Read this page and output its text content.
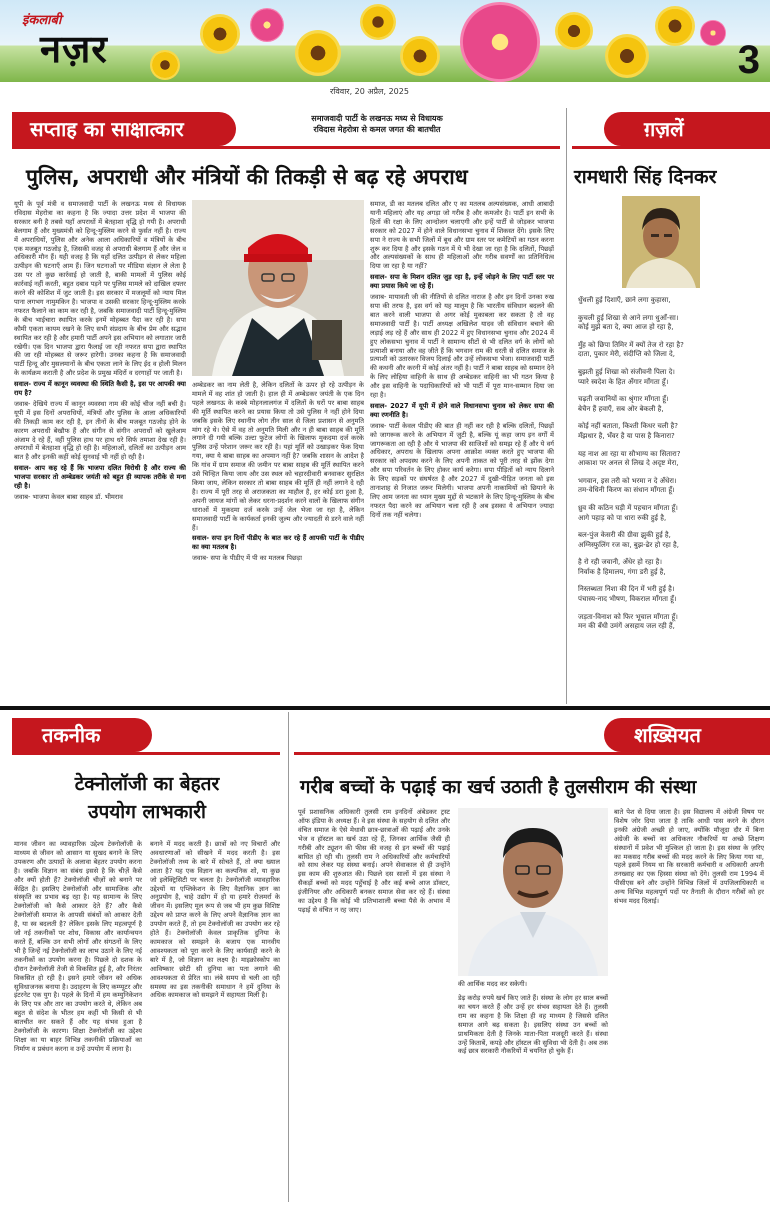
इंकलाबी
नज़र	3
रविवार, 20 अप्रैल, 2025
सप्ताह का साक्षात्कार	समाजवादी पार्टी के लखनऊ मध्य से विधायक
रविदास मेहरोत्रा से कमल जगत की बातचीत
पुलिस, अपराधी और मंत्रियों की तिकड़ी से बढ़ रहे अपराध

यूपी के पूर्व मंत्री व समाजवादी पार्टी के लखनऊ मध्य से विधायक रविदास मेहरोत्रा का कहना है कि ज्यादा उत्तर प्रदेश में भाजपा की सरकार बनी है तबसे यहाँ अपराधों में बेतहाशा वृद्धि हो गयी है। अपराधी बेलगाम हैं और मुख्यमंत्री को हिन्दू-मुस्लिम करने से फुर्सत नहीं है। राज्य में अपराधियों, पुलिस और अनेक आला अधिकारियों व मंत्रियों के बीच एक मजबूत गठजोड़ है, जिसकी वजह से अपराधी बेलगाम हैं और जेल व अधिकारी मौन हैं। यही वजह है कि यहाँ दलित उत्पीड़न से लेकर महिला उत्पीड़न की घटनाएँ आम हैं। जिन घटनाओं पर मीडिया संज्ञान ले लेता है उस पर तो कुछ कार्रवाई हो जाती है, बाकी मामलों में पुलिस कोई कार्रवाई नहीं करती, बहुत दबाव पड़ने पर पुलिस मामले को दाखिल दफ्तर करने की कोशिश में जुट जाती है। इस सरकार में मजलूमों को न्याय मिल पाना लगभग नामुमकिन है। भाजपा व उसकी सरकार हिन्दू-मुस्लिम करके नफरत फैलाने का काम कर रही है, जबकि समाजवादी पार्टी हिन्दू-मुस्लिम के बीच भाईचारा स्थापित करके इनमें मोहब्बत पैदा कर रही है। सपा कौमी एकता कायम रखने के लिए सभी संप्रदाय के बीच प्रेम और सद्भाव स्थापित कर रही है और हमारी पार्टी अपने इस अभियान को लगातार जारी रखेगी। एक दिन भाजपा द्वारा फैलाई जा रही नफरत सपा द्वारा स्थापित की जा रही मोहब्बत से जरूर हारेगी। उनका कहना है कि समाजवादी पार्टी हिन्दू और मुसलमानों के बीच एकता लाने के लिए ईद व होली मिलन के कार्यक्रम कराती है और प्रदेश के प्रमुख मंदिरों व दरगाहों पर जाती है।

सवाल- राज्य में कानून व्यवस्था की स्थिति कैसी है, इस पर आपकी क्या राय है?

जवाब- देखिये राज्य में कानून व्यवस्था नाम की कोई चीज नहीं बची है। यूपी में इस दिनों अपराधियों, मंत्रियों और पुलिस के आला अधिकारियों की तिकड़ी काम कर रही है, इन तीनों के बीच मजबूत गठजोड़ होने के कारण अपराधी बेखौफ हैं और संगीन से संगीन अपराधों को खुलेआम अंजाम दे रहे हैं, वहीं पुलिस हाथ पर हाथ धरे सिर्फ तमाशा देख रही है। अपराधों में बेतहाशा वृद्धि हो रही है। महिलाओं, दलितों का उत्पीड़न आम बात है और इनकी कहीं कोई सुनवाई भी नहीं हो रही है।

सवाल- आप कह रहे हैं कि भाजपा दलित विरोधी है और राज्य की भाजपा सरकार तो अम्बेडकर जयंती को बहुत ही व्यापक तरीके से मना रही है।

जवाब- भाजपा केवल बाबा साहब डॉ. भीमराव

अम्बेडकर का नाम लेती है, लेकिन दलितों के ऊपर हो रहे उत्पीड़न के मामले में वह शांत हो जाती है। हाल ही में अम्बेडकर जयंती के एक दिन पहले लखनऊ के कस्बे मोहनलालगंज में दलितों के घरों पर बाबा साहब की मूर्ति स्थापित करने का प्रयास किया तो उसे पुलिस ने नहीं होने दिया जबकि इसके लिए स्थानीय लोग तीन साल से जिला प्रशासन से अनुमति मांग रहे थे। ऐसे में वह तो अनुमति मिली और न ही बाबा साहब की मूर्ति लगाने दी गयी बल्कि उल्टा फुटेज लोगों के खिलाफ मुकदमा दर्ज करके पुलिस उन्हें परेशान जरूर कर रही है। यहां मूर्ति को उखाड़कर फेंक दिया गया, क्या ये बाबा साहब का अपमान नहीं है? जबकि शासन के आदेश है कि गांव में ग्राम समाज की जमीन पर बाबा साहब की मूर्ति स्थापित करने उसे चिन्हित किया जाय और उस स्थल को चहारदीवारी बनवाकर सुरक्षित किया जाय, लेकिन सरकार तो बाबा साहब की मूर्ति ही नहीं लगाने दे रही है। राज्य में पूरी तरह से अराजकता का माहौल है, हर कोई डरा हुआ है, अपनी जायज मांगों को लेकर धरना-प्रदर्शन करने वालों के खिलाफ संगीन धाराओं में मुकदमा दर्ज करके उन्हें जेल भेजा जा रहा है, लेकिन समाजवादी पार्टी के कार्यकर्ता इनकी जुल्म और ज्यादती से डरने वाले नहीं हैं।

सवाल- सपा इन दिनों पीडीए के बात कर रहे हैं आपकी पार्टी के पीडीए का क्या मतलब है।

जवाब- सपा के पीडीए में पी का मतलब पिछड़ा

समाज, डी का मतलब दलित और ए का मतलब अल्पसंख्यक, आधी आबादी यानी महिलाएं और यह अगड़ा जो गरीब है और कमजोर है। पार्टी इन सभी के हितों की रक्षा के लिए आन्दोलन चलाएगी और इन्हें पार्टी से जोड़कर भाजपा सरकार को 2027 में होने वाले विधानसभा चुनाव में शिकस्त देंगे। इसके लिए सपा ने राज्य के सभी जिलों में बूथ और ग्राम स्तर पर कमेटियों का गठन करना शुरू कर दिया है और इसके गठन में ये भी देखा जा रहा है कि दलितों, पिछड़ों और अल्पसंख्यकों के साथ ही महिलाओं और गरीब सवर्णों का प्रतिनिधित्व दिया जा रहा है या नहीं?

सवाल- सपा के मिशन दलित जुड़ रहा है, इन्हें जोड़ने के लिए पार्टी स्तर पर क्या प्रयास किये जा रहे हैं।

जवाब- मायावती जी की नीतियों से दलित नाराज है और इन दिनों उनका रुख सपा की तरफ है, इस वर्ग को यह मालूम है कि भारतीय संविधान बदलने की बात करने वाली भाजपा से अगर कोई मुकाबला कर सकता है तो वह समाजवादी पार्टी है। पार्टी अध्यक्ष अखिलेश यादव जी संविधान बचाने की लड़ाई लड़ रहे हैं और साथ ही 2022 में हुए विधानसभा चुनाव और 2024 में हुए लोकसभा चुनाव में पार्टी ने सामान्य सीटों से भी दलित वर्ग के लोगों को प्रत्याशी बनाया और वह जीते हैं कि भगवान राम की धरती से दलित समाज के प्रत्याशी को उतारकर विजय दिलाई और उन्हें लोकसभा भेजा। समाजवादी पार्टी की कथनी और करनी में कोई अंतर नहीं है। पार्टी ने बाबा साहब को सम्मान देने के लिए लोहिया वाहिनी के साथ ही अम्बेडकर वाहिनी का भी गठन किया है और इस वाहिनी के पदाधिकारियों को भी पार्टी में पूरा मान-सम्मान दिया जा रहा है।

सवाल- 2027 में यूपी में होने वाले विधानसभा चुनाव को लेकर सपा की क्या रणनीति है।

जवाब- पार्टी केवल पीडीए की बात ही नहीं कर रही है बल्कि दलितों, पिछड़ों को जागरूक करने के अभियान में जुटी है, बल्कि यूं कहा जाय इन वर्गों में जागरूकता आ रही है और ये भाजपा की साजिशों को समझ रहे हैं और ये वर्ग अधिकार, अपराध के खिलाफ अपना आक्रोश व्यक्त करते हुए भाजपा की सरकार को अपदस्थ करने के लिए अपनी ताकत को पूरी तरह से झोंक देगा और सपा परिवर्तन के लिए होकर कार्य करेगा। सपा पीड़ितों को न्याय दिलाने के लिए सड़कों पर संघर्षरत है और 2027 में दुखी-पीड़ित जनता को इस तानाशाह से निजात जरूर मिलेगी। भाजपा अपनी नाकामियों को छिपाने के लिए आम जनता का ध्यान मुख्य मुद्दों से भटकाने के लिए हिन्दू-मुस्लिम के बीच नफरत पैदा करने का अभियान चला रही है अब इसका ये अभियान ज्यादा दिनों तक नहीं चलेगा।

ग़ज़लें
रामधारी सिंह दिनकर
धुँधली हुई दिशाएँ, छाने लगा कुहासा,
कुचली हुई शिखा से आने लगा धुआँ-सा।
कोई मुझे बता दे, क्या आज हो रहा है,
मुँह को छिपा तिमिर में क्यों तेज रो रहा है?
दाता, पुकार मेरी, संदीप्ति को जिला दे,
बुझती हुई शिखा को संजीवनी पिला दे।
प्यारे स्वदेश के हित अँगार माँगता हूँ।
चढ़ती जवानियों का श्रृंगार माँगता हूँ।
बेचैन हैं हवाएँ, सब ओर बेकली है,
कोई नहीं बताता, किश्ती किधर चली है?
मँझधार है, भँवर है या पास है किनारा?
यह नाश आ रहा या सौभाग्य का सितारा?
आकाश पर अनल से लिख दे अदृष्ट मेरा,
भगवान, इस तरी को भरमा न दे अँधेरा।
तम-वेधिनी किरण का संधान माँगता हूँ।
ध्रुव की कठिन घड़ी में पहचान माँगता हूँ।
आगे पहाड़ को पा धारा रुकी हुई है,
बल-पुंज केसरी की ग्रीवा झुकी हुई है,
अग्निस्फुलिंग रज का, बुझ-ढेर हो रहा है,
है रो रही जवानी, अँधेर हो रहा है।
निर्वाक है हिमालय, गंगा डरी हुई है,
निस्तब्धता निशा की दिन में भरी हुई है।
पंचास्य-नाद भीषण, विकराल माँगता हूँ।
जड़ता-विनाश को फिर भूचाल माँगता हूँ।
मन की बँधी उमंगें असहाय जल रही हैं,
तकनीक
टेक्नोलॉजी का बेहतर
उपयोग लाभकारी

मानव जीवन का व्यावहारिक उद्देश्य टेक्नोलॉजी के माध्यम से जीवन को आसान या सुखद बनाने के लिए उपकरण और उत्पादों के अलावा बेहतर उपयोग करना है। जबकि विज्ञान का संबंध इससे है कि चीज़ें कैसे और क्यों होती हैं? टेक्नोलॉजी चीज़ों को बनाने पर केंद्रित है। इसलिए टेक्नोलॉजी और सामाजिक और संस्कृति का प्रभाव बढ़ रहा है। यह सामान्य के लिए टेक्नोलॉजी को कैसे आकार देते हैं? और कैसे टेक्नोलॉजी समाज के आपसी संबंधों को आकार देती है, या स्व बदलती है? लेकिन इसके लिए महत्वपूर्ण है जो नई तकनीकों पर शोध, विकास और कार्यान्वयन करते हैं, बल्कि उन सभी लोगों और संगठनों के लिए भी है जिन्हें नई टेक्नोलॉजी का लाभ उठाने के लिए नई तकनीकों का उपयोग करना है। पिछले दो दशक के दौरान टेक्नोलॉजी तेजी से विकसित हुई है, और निरंतर विकसित हो रही है। इसने हमारे जीवन को अधिक सुविधाजनक बनाया है। उदाहरण के लिए कम्प्यूटर और इंटरनेट एक युग है। पहले के दिनों में हम कम्युनिकेशन के लिए पत्र और तार का उपयोग करते थे, लेकिन अब बहुत से संदेश के भीतर हम कहीं भी किसी से भी बातचीत कर सकते हैं और यह संभव हुआ है टेक्नोलॉजी के कारण। शिक्षा टेक्नोलॉजी का उद्देश्य शिक्षा का या बाहर विभिन्न तकनीकी प्रक्रियाओं का निर्माण व प्रबंधन करना व उन्हें उपयोग में लाना है।

बनाने में मदद करती है। छात्रों को नए विचारों और अवधारणाओं को सीखने में मदद करती है। इस टेक्नोलॉजी तथ्य के बारे में सोचते हैं, तो क्या ख्याल आता है? यह एक विज्ञान का कल्पनिक शो, या कुछ जो इलेक्ट्रिसिटी पर चलता है। टेक्नोलॉजी व्यावहारिक उद्देश्यों या एप्लिकेशन के लिए वैज्ञानिक ज्ञान का अनुप्रयोग है, चाहे उद्योग में हो या हमारे रोजमर्रा के जीवन में। इसलिए मूल रूप से जब भी हम कुछ विशिष्ट उद्देश्य को प्राप्त करने के लिए अपने वैज्ञानिक ज्ञान का उपयोग करते हैं, तो हम टेक्नोलॉजी का उपयोग कर रहे होते हैं। टेक्नोलॉजी केवल प्राकृतिक दुनिया के कामकाज को समझने के बजाय एक मानवीय आवश्यकता को पूरा करने के लिए कार्यवाही करने के बारे में है, जो विज्ञान का लक्ष्य है। माइक्रोस्कोप का आविष्कार छोटी सी दुनिया का पता लगाने की आवश्यकता से प्रेरित था। लंबे समय से चली आ रही समस्या का इस तकनीकी समाधान ने हमें दुनिया के अधिक कामकाज को समझने में सहायता मिली है।

शख़्सियत
गरीब बच्चों के पढ़ाई का खर्च उठाती है तुलसीराम की संस्था

पूर्व प्रशासनिक अधिकारी तुलसी राम इनदिनों अंबेडकर ट्रस्ट ऑफ इंडिया के अध्यक्ष हैं। वे इस संस्था के सहयोग से दलित और वंचित समाज के ऐसे मेधावी छात्र-छात्राओं की पढ़ाई और उनके भेज व हॉस्टल का खर्च उठा रहे हैं, जिनका आर्थिक जैसी ही गरीबी और ट्यूशन की फीस की वजह से इन बच्चों की पढ़ाई बाधित हो रही थी। तुलसी राम ने अधिकारियों और कर्मचारियों को साथ लेकर यह संस्था बनाई। अपने सेवाकाल से ही उन्होंने इस काम की शुरुआत की। पिछले दस सालों में इस संस्था ने सैकड़ों बच्चों को मदद पहुँचाई है और कई बच्चे आज डॉक्टर, इंजीनियर और अधिकारी बनकर समाज सेवा कर रहे हैं। संस्था का उद्देश्य है कि कोई भी प्रतिभाशाली बच्चा पैसे के अभाव में पढ़ाई से वंचित न रह जाए।

की आर्थिक मदद कर सकेगी।

डेढ़ करोड़ रुपये खर्च किए जाते हैं। संस्था के लोग हर साल बच्चों का चयन करते हैं और उन्हें हर संभव सहायता देते हैं। तुलसी राम का कहना है कि शिक्षा ही वह माध्यम है जिससे दलित समाज आगे बढ़ सकता है। इसलिए संस्था उन बच्चों को प्राथमिकता देती है जिनके माता-पिता मजदूरी करते हैं। संस्था उन्हें किताबें, कपड़े और हॉस्टल की सुविधा भी देती है। अब तक कई छात्र सरकारी नौकरियों में चयनित हो चुके हैं।

बाते पेश से दिया जाता है। इस विद्यालय में अंग्रेजी विषय पर विशेष जोर दिया जाता है ताकि आधी पास करने के दौरान इनकी अंग्रेजी अच्छी हो जाए, क्योंकि मौजूदा दौर में बिना अंग्रेजी के बच्चों का अधिकतर नौकरियों या अच्छे शिक्षण संस्थानों में प्रवेश भी मुश्किल हो जाता है। इस संस्था के ज़रिए का मकसद गरीब बच्चों की मदद करने के लिए किया गया था, पहले इसमें नियम था कि सरकारी कर्मचारी व अधिकारी अपनी तनख्वाह का एक हिस्सा संस्था को देंगे। तुलसी राम 1994 में पीसीएस बने और उन्होंने विभिन्न जिलों में उपजिलाधिकारी व अन्य विभिन्न महत्वपूर्ण पदों पर तैनाती के दौरान गरीबों को हर संभव मदद दिलाई।
